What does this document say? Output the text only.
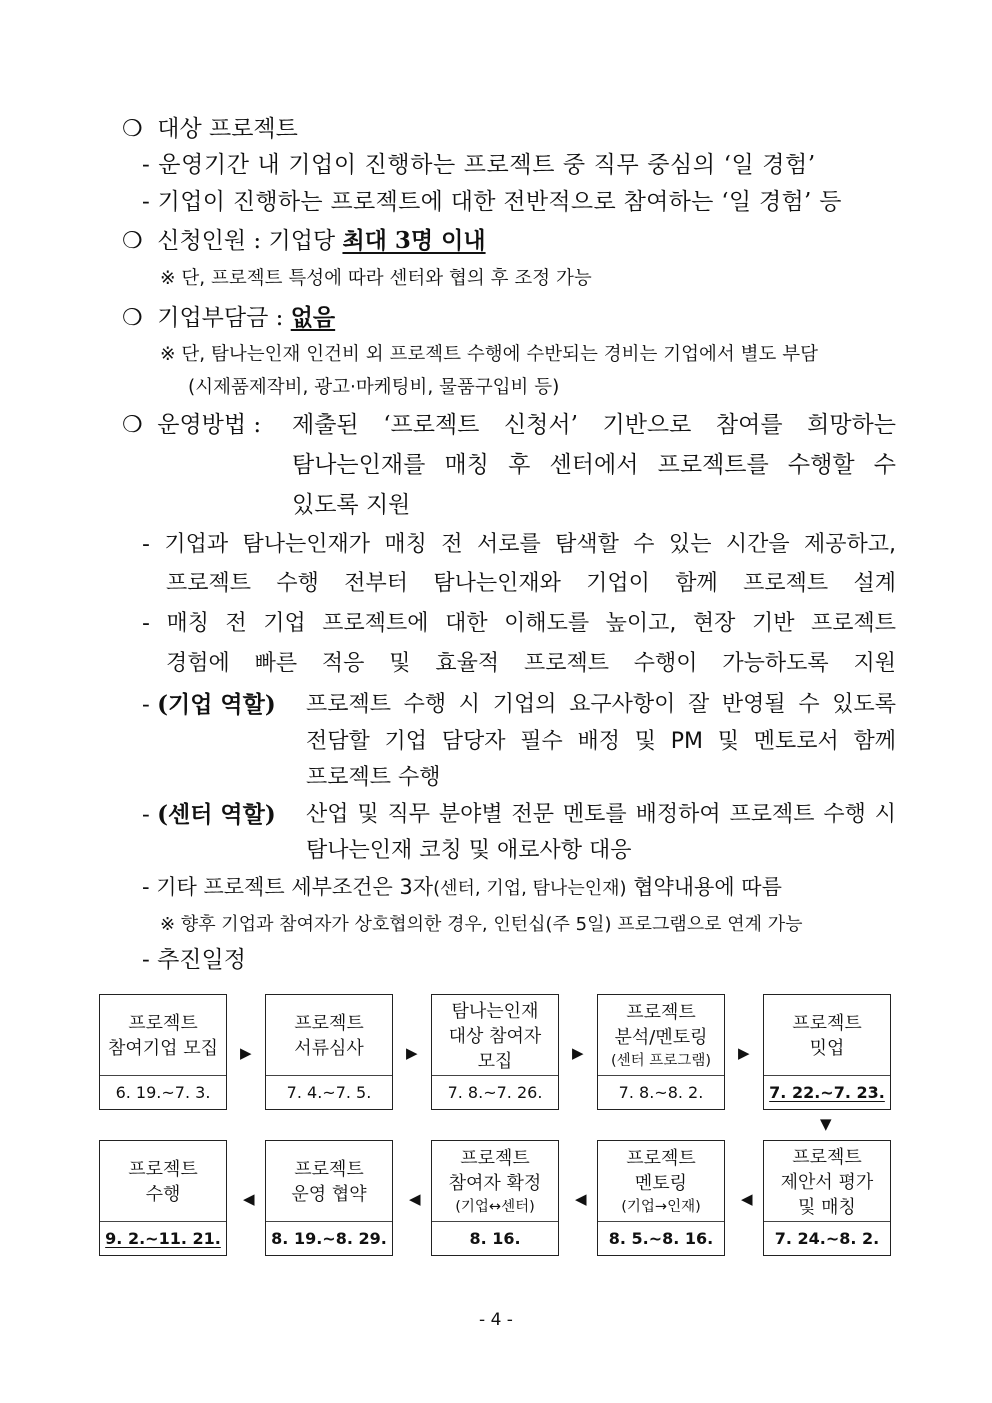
❍ 대상 프로젝트
- 운영기간 내 기업이 진행하는 프로젝트 중 직무 중심의 ‘일 경험’
- 기업이 진행하는 프로젝트에 대한 전반적으로 참여하는 ‘일 경험’ 등
❍ 신청인원 : 기업당 최대 3명 이내
※ 단, 프로젝트 특성에 따라 센터와 협의 후 조정 가능
❍ 기업부담금 : 없음
※ 단, 탐나는인재 인건비 외 프로젝트 수행에 수반되는 경비는 기업에서 별도 부담
(시제품제작비, 광고·마케팅비, 물품구입비 등)
❍ 운영방법 : 제출된 ‘프로젝트 신청서’ 기반으로 참여를 희망하는
탐나는인재를 매칭 후 센터에서 프로젝트를 수행할 수
있도록 지원
- 기업과 탐나는인재가 매칭 전 서로를 탐색할 수 있는 시간을 제공하고,
프로젝트 수행 전부터 탐나는인재와 기업이 함께 프로젝트 설계
- 매칭 전 기업 프로젝트에 대한 이해도를 높이고, 현장 기반 프로젝트
경험에 빠른 적응 및 효율적 프로젝트 수행이 가능하도록 지원
- (기업 역할) 프로젝트 수행 시 기업의 요구사항이 잘 반영될 수 있도록
전담할 기업 담당자 필수 배정 및 PM 및 멘토로서 함께
프로젝트 수행
- (센터 역할) 산업 및 직무 분야별 전문 멘토를 배정하여 프로젝트 수행 시
탐나는인재 코칭 및 애로사항 대응
- 기타 프로젝트 세부조건은 3자(센터, 기업, 탐나는인재) 협약내용에 따름
※ 향후 기업과 참여자가 상호협의한 경우, 인턴십(주 5일) 프로그램으로 연계 가능
- 추진일정
프로젝트
참여기업 모집
6. 19.~7. 3.
▶
프로젝트
서류심사
7. 4.~7. 5.
▶
탐나는인재
대상 참여자
모집
7. 8.~7. 26.
▶
프로젝트
분석/멘토링
(센터 프로그램)
7. 8.~8. 2.
▶
프로젝트
밋업
7. 22.~7. 23.
▼
프로젝트
수행
9. 2.~11. 21.
◀
프로젝트
운영 협약
8. 19.~8. 29.
◀
프로젝트
참여자 확정
(기업↔센터)
8. 16.
◀
프로젝트
멘토링
(기업→인재)
8. 5.~8. 16.
◀
프로젝트
제안서 평가
및 매칭
7. 24.~8. 2.
- 4 -
